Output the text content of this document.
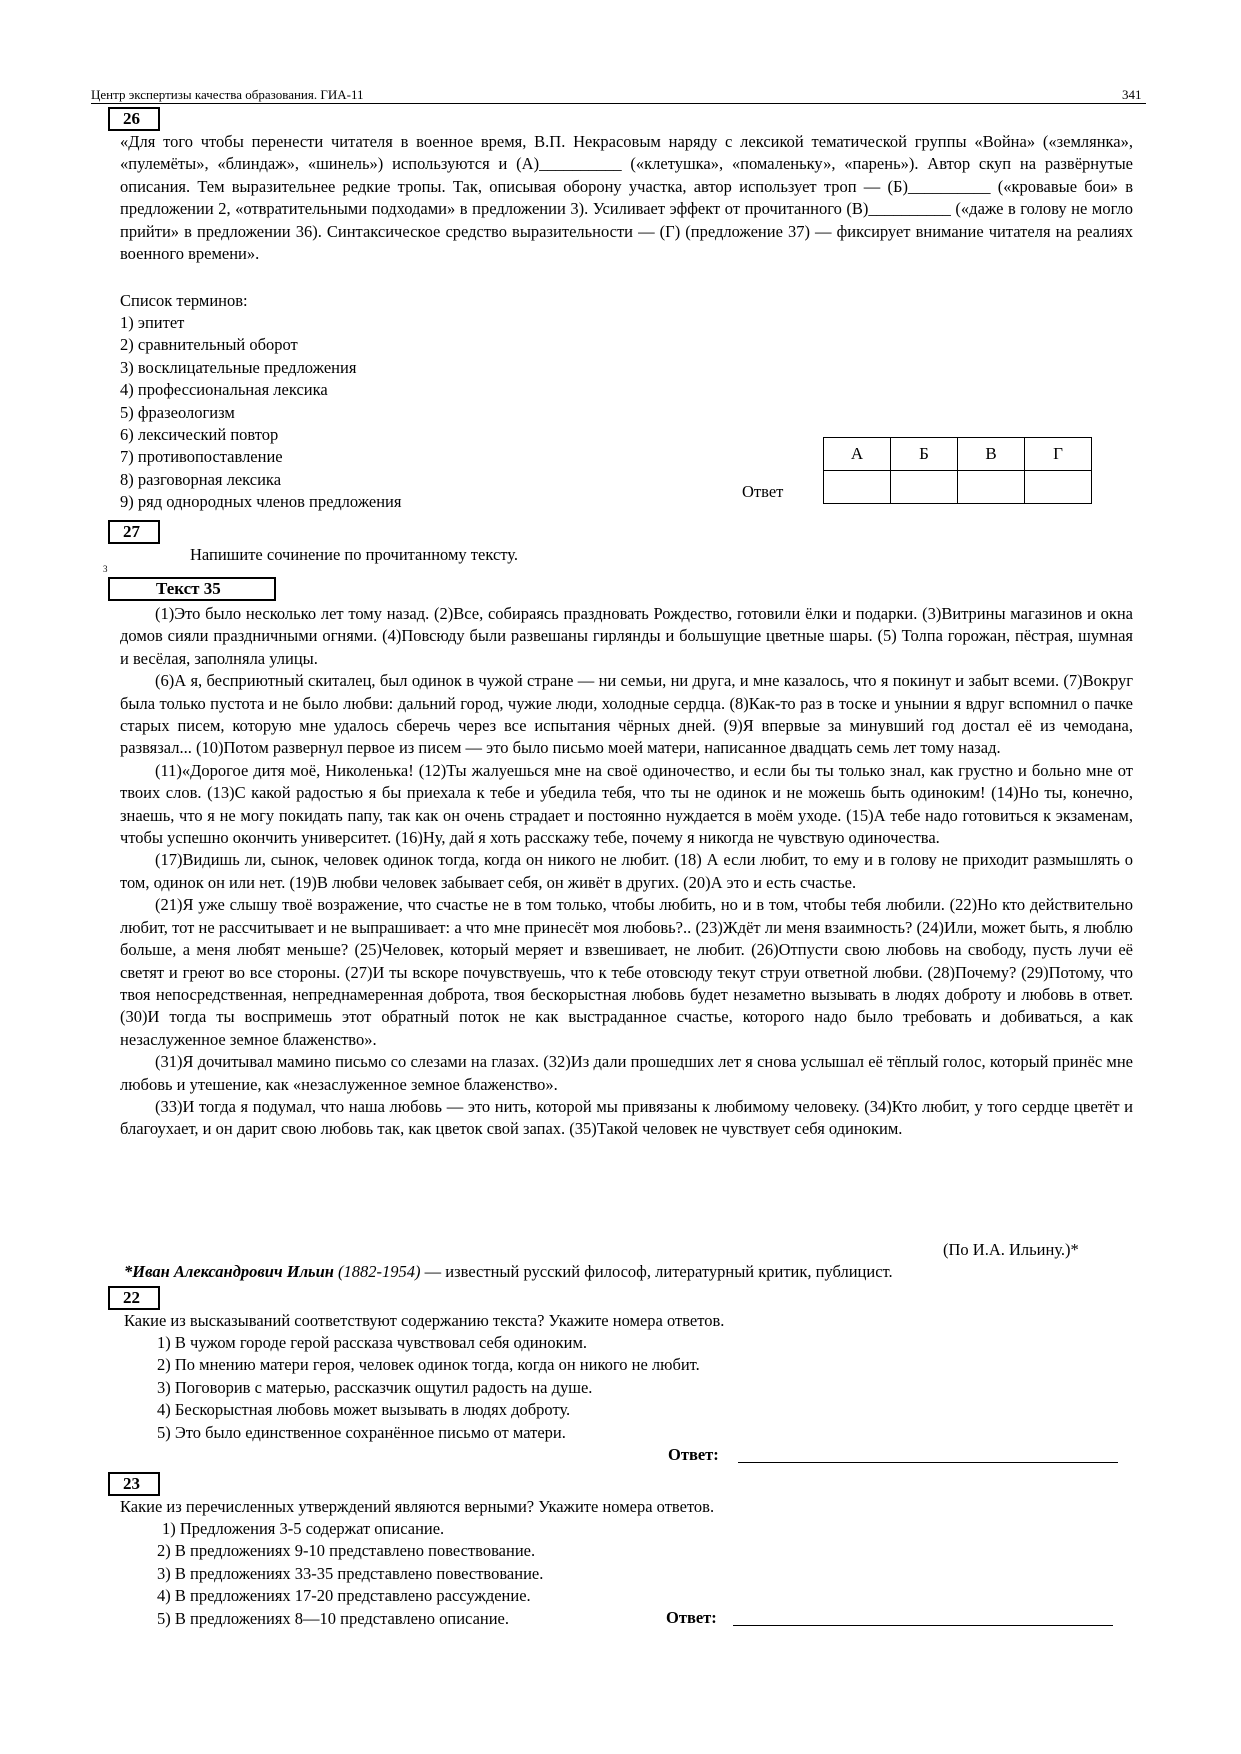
Центр экспертизы качества образования. ГИА-11	341
26
«Для того чтобы перенести читателя в военное время, В.П. Некрасовым наряду с лексикой тематической группы «Война» («землянка», «пулемёты», «блиндаж», «шинель») используются и (А)__________ («клетушка», «помаленьку», «парень»). Автор скуп на развёрнутые описания. Тем выразительнее редкие тропы. Так, описывая оборону участка, автор использует троп — (Б)__________ («кровавые бои» в предложении 2, «отвратительными подходами» в предложении 3). Усиливает эффект от прочитанного (В)__________ («даже в голову не могло прийти» в предложении 36). Синтаксическое средство выразительности — (Г) (предложение 37) — фиксирует внимание читателя на реалиях военного времени».
Список терминов:
1) эпитет
2) сравнительный оборот
3) восклицательные предложения
4) профессиональная лексика
5) фразеологизм
6) лексический повтор
7) противопоставление
8) разговорная лексика
9) ряд однородных членов предложения
Ответ
А	Б	В	Г

27
Напишите сочинение по прочитанному тексту.
3
Текст 35

(1)Это было несколько лет тому назад. (2)Все, собираясь праздновать Рождество, готовили ёлки и подарки. (3)Витрины магазинов и окна домов сияли праздничными огнями. (4)Повсюду были развешаны гирлянды и большущие цветные шары. (5) Толпа горожан, пёстрая, шумная и весёлая, заполняла улицы.

(6)А я, бесприютный скиталец, был одинок в чужой стране — ни семьи, ни друга, и мне казалось, что я покинут и забыт всеми. (7)Вокруг была только пустота и не было любви: дальний город, чужие люди, холодные сердца. (8)Как-то раз в тоске и унынии я вдруг вспомнил о пачке старых писем, которую мне удалось сберечь через все испытания чёрных дней. (9)Я впервые за минувший год достал её из чемодана, развязал... (10)Потом развернул первое из писем — это было письмо моей матери, написанное двадцать семь лет тому назад.

(11)«Дорогое дитя моё, Николенька! (12)Ты жалуешься мне на своё одиночество, и если бы ты только знал, как грустно и больно мне от твоих слов. (13)С какой радостью я бы приехала к тебе и убедила тебя, что ты не одинок и не можешь быть одиноким! (14)Но ты, конечно, знаешь, что я не могу покидать папу, так как он очень страдает и постоянно нуждается в моём уходе. (15)А тебе надо готовиться к экзаменам, чтобы успешно окончить университет. (16)Ну, дай я хоть расскажу тебе, почему я никогда не чувствую одиночества.

(17)Видишь ли, сынок, человек одинок тогда, когда он никого не любит. (18) А если любит, то ему и в голову не приходит размышлять о том, одинок он или нет. (19)В любви человек забывает себя, он живёт в других. (20)А это и есть счастье.

(21)Я уже слышу твоё возражение, что счастье не в том только, чтобы любить, но и в том, чтобы тебя любили. (22)Но кто действительно любит, тот не рассчитывает и не выпрашивает: а что мне принесёт моя любовь?.. (23)Ждёт ли меня взаимность? (24)Или, может быть, я люблю больше, а меня любят меньше? (25)Человек, который меряет и взвешивает, не любит. (26)Отпусти свою любовь на свободу, пусть лучи её светят и греют во все стороны. (27)И ты вскоре почувствуешь, что к тебе отовсюду текут струи ответной любви. (28)Почему? (29)Потому, что твоя непосредственная, непреднамеренная доброта, твоя бескорыстная любовь будет незаметно вызывать в людях доброту и любовь в ответ. (30)И тогда ты воспримешь этот обратный поток не как выстраданное счастье, которого надо было требовать и добиваться, а как незаслуженное земное блаженство».

(31)Я дочитывал мамино письмо со слезами на глазах. (32)Из дали прошедших лет я снова услышал её тёплый голос, который принёс мне любовь и утешение, как «незаслуженное земное блаженство».

(33)И тогда я подумал, что наша любовь — это нить, которой мы привязаны к любимому человеку. (34)Кто любит, у того сердце цветёт и благоухает, и он дарит свою любовь так, как цветок свой запах. (35)Такой человек не чувствует себя одиноким.

(По И.А. Ильину.)*
*Иван Александрович Ильин (1882-1954) — известный русский философ, литературный критик, публицист.
22
Какие из высказываний соответствуют содержанию текста? Укажите номера ответов.
1) В чужом городе герой рассказа чувствовал себя одиноким.
2) По мнению матери героя, человек одинок тогда, когда он никого не любит.
3) Поговорив с матерью, рассказчик ощутил радость на душе.
4) Бескорыстная любовь может вызывать в людях доброту.
5) Это было единственное сохранённое письмо от матери.
Ответ:
23
Какие из перечисленных утверждений являются верными? Укажите номера ответов.
1) Предложения 3-5 содержат описание.
2) В предложениях 9-10 представлено повествование.
3) В предложениях 33-35 представлено повествование.
4) В предложениях 17-20 представлено рассуждение.
5) В предложениях 8—10 представлено описание.	Ответ:
